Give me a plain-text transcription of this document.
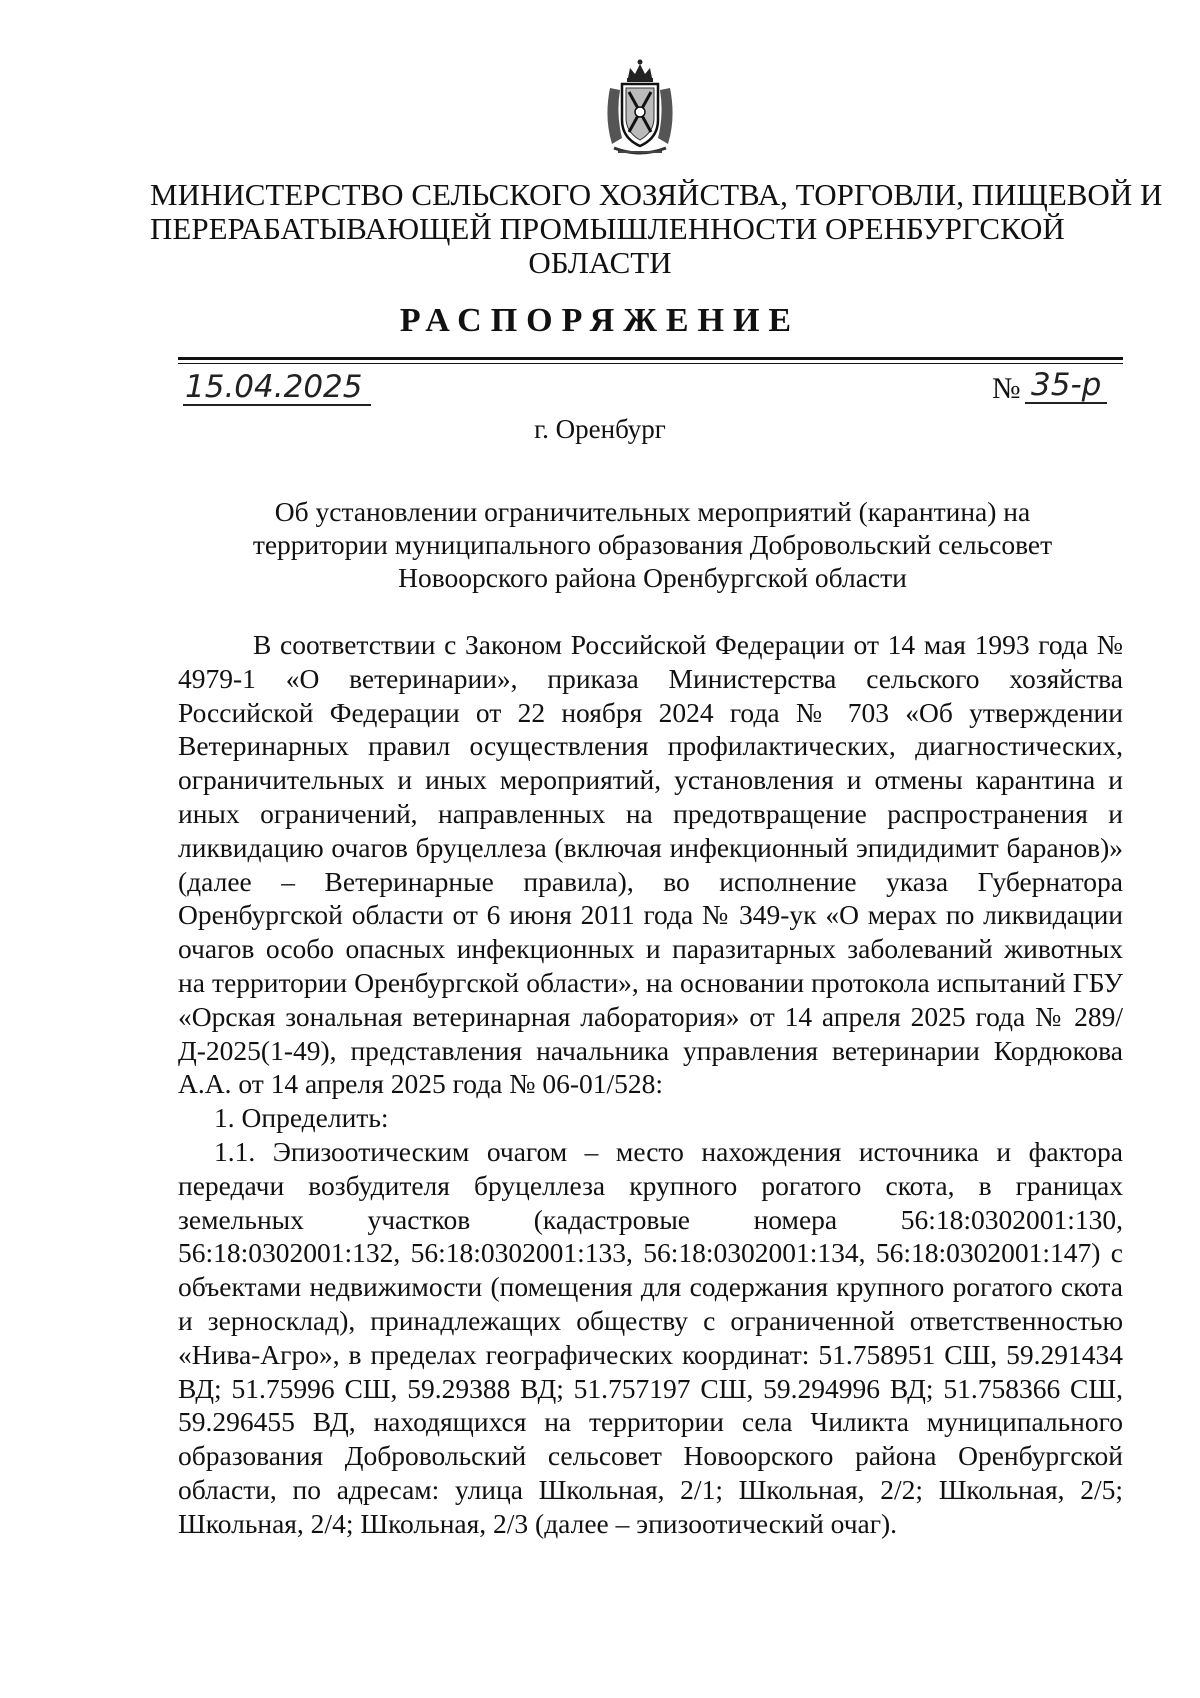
МИНИСТЕРСТВО СЕЛЬСКОГО ХОЗЯЙСТВА, ТОРГОВЛИ, ПИЩЕВОЙ И
ПЕРЕРАБАТЫВАЮЩЕЙ ПРОМЫШЛЕННОСТИ ОРЕНБУРГСКОЙ
ОБЛАСТИ
РАСПОРЯЖЕНИЕ
15.04.2025	№ 35-р
г. Оренбург
Об установлении ограничительных мероприятий (карантина) на
территории муниципального образования Добровольский сельсовет
Новоорского района Оренбургской области

В соответствии с Законом Российской Федерации от 14 мая 1993 года № 4979-1 «О ветеринарии», приказа Министерства сельского хозяйства Российской Федерации от 22 ноября 2024 года № 703 «Об утверждении Ветеринарных правил осуществления профилактических, диагностических, ограничительных и иных мероприятий, установления и отмены карантина и иных ограничений, направленных на предотвращение распространения и ликвидацию очагов бруцеллеза (включая инфекционный эпидидимит баранов)» (далее – Ветеринарные правила), во исполнение указа Губернатора Оренбургской области от 6 июня 2011 года № 349-ук «О мерах по ликвидации очагов особо опасных инфекционных и паразитарных заболеваний животных на территории Оренбургской области», на основании протокола испытаний ГБУ «Орская зональная ветеринарная лаборатория» от 14 апреля 2025 года № 289/Д-2025(1-49), представления начальника управления ветеринарии Кордюкова А.А. от 14 апреля 2025 года № 06-01/528:

1. Определить:

1.1. Эпизоотическим очагом – место нахождения источника и фактора передачи возбудителя бруцеллеза крупного рогатого скота, в границах земельных участков (кадастровые номера 56:18:0302001:130, 56:18:0302001:132, 56:18:0302001:133, 56:18:0302001:134, 56:18:0302001:147) с объектами недвижимости (помещения для содержания крупного рогатого скота и зерносклад), принадлежащих обществу с ограниченной ответственностью «Нива-Агро», в пределах географических координат: 51.758951 СШ, 59.291434 ВД; 51.75996 СШ, 59.29388 ВД; 51.757197 СШ, 59.294996 ВД; 51.758366 СШ, 59.296455 ВД, находящихся на территории села Чиликта муниципального образования Добровольский сельсовет Новоорского района Оренбургской области, по адресам: улица Школьная, 2/1; Школьная, 2/2; Школьная, 2/5; Школьная, 2/4; Школьная, 2/3 (далее – эпизоотический очаг).
